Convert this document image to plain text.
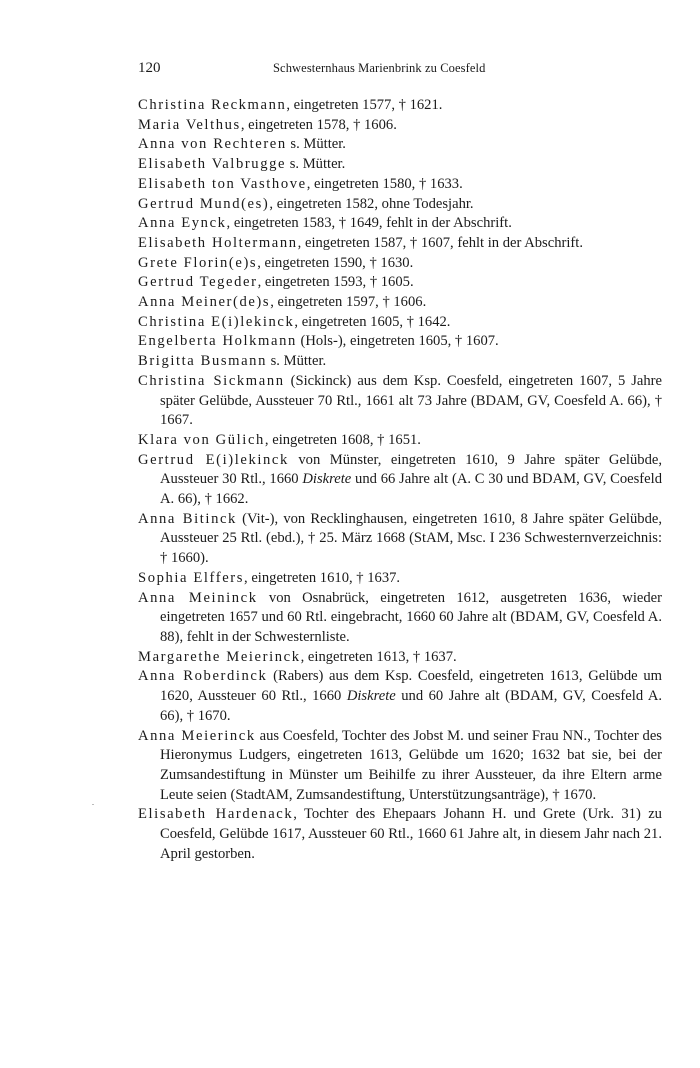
120	Schwesternhaus Marienbrink zu Coesfeld

Christina Reckmann, eingetreten 1577, † 1621.

Maria Velthus, eingetreten 1578, † 1606.

Anna von Rechteren s. Mütter.

Elisabeth Valbrugge s. Mütter.

Elisabeth ton Vasthove, eingetreten 1580, † 1633.

Gertrud Mund(es), eingetreten 1582, ohne Todesjahr.

Anna Eynck, eingetreten 1583, † 1649, fehlt in der Abschrift.

Elisabeth Holtermann, eingetreten 1587, † 1607, fehlt in der Abschrift.

Grete Florin(e)s, eingetreten 1590, † 1630.

Gertrud Tegeder, eingetreten 1593, † 1605.

Anna Meiner(de)s, eingetreten 1597, † 1606.

Christina E(i)lekinck, eingetreten 1605, † 1642.

Engelberta Holkmann (Hols-), eingetreten 1605, † 1607.

Brigitta Busmann s. Mütter.

Christina Sickmann (Sickinck) aus dem Ksp. Coesfeld, eingetreten 1607, 5 Jahre später Gelübde, Aussteuer 70 Rtl., 1661 alt 73 Jahre (BDAM, GV, Coesfeld A. 66), † 1667.

Klara von Gülich, eingetreten 1608, † 1651.

Gertrud E(i)lekinck von Münster, eingetreten 1610, 9 Jahre später Gelübde, Aussteuer 30 Rtl., 1660 Diskrete und 66 Jahre alt (A. C 30 und BDAM, GV, Coesfeld A. 66), † 1662.

Anna Bitinck (Vit-), von Recklinghausen, eingetreten 1610, 8 Jahre später Gelübde, Aussteuer 25 Rtl. (ebd.), † 25. März 1668 (StAM, Msc. I 236 Schwesternverzeichnis: † 1660).

Sophia Elffers, eingetreten 1610, † 1637.

Anna Meininck von Osnabrück, eingetreten 1612, ausgetreten 1636, wieder eingetreten 1657 und 60 Rtl. eingebracht, 1660 60 Jahre alt (BDAM, GV, Coesfeld A. 88), fehlt in der Schwesternliste.

Margarethe Meierinck, eingetreten 1613, † 1637.

Anna Roberdinck (Rabers) aus dem Ksp. Coesfeld, eingetreten 1613, Gelübde um 1620, Aussteuer 60 Rtl., 1660 Diskrete und 60 Jahre alt (BDAM, GV, Coesfeld A. 66), † 1670.

Anna Meierinck aus Coesfeld, Tochter des Jobst M. und seiner Frau NN., Tochter des Hieronymus Ludgers, eingetreten 1613, Gelübde um 1620; 1632 bat sie, bei der Zumsandestiftung in Münster um Beihilfe zu ihrer Aussteuer, da ihre Eltern arme Leute seien (StadtAM, Zumsandestiftung, Unterstützungsanträge), † 1670.

Elisabeth Hardenack, Tochter des Ehepaars Johann H. und Grete (Urk. 31) zu Coesfeld, Gelübde 1617, Aussteuer 60 Rtl., 1660 61 Jahre alt, in diesem Jahr nach 21. April gestorben.
